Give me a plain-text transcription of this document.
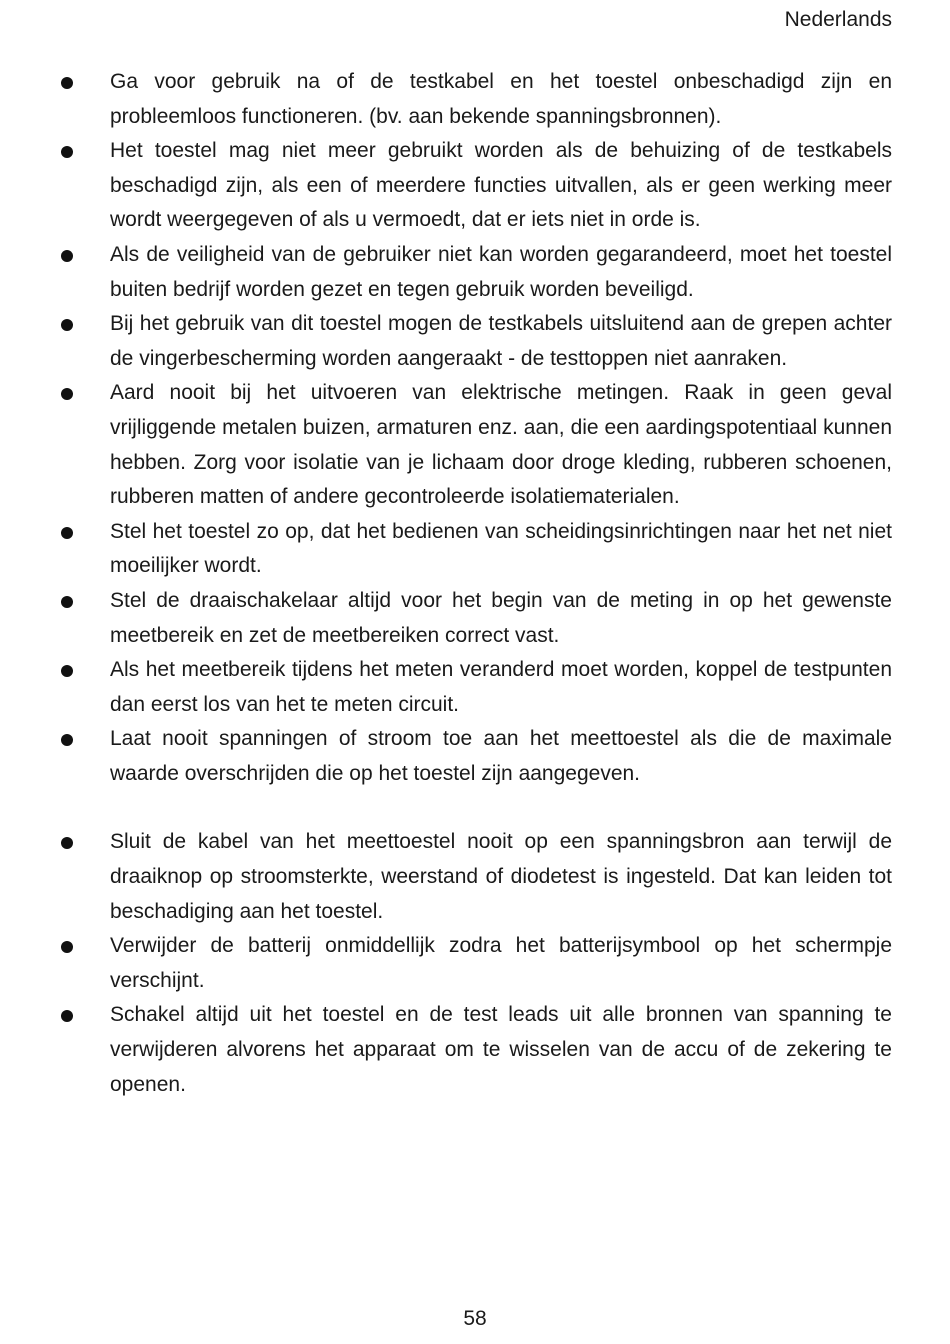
Nederlands
Ga voor gebruik na of de testkabel en het toestel onbeschadigd zijn en probleemloos functioneren. (bv. aan bekende spanningsbronnen).
Het toestel mag niet meer gebruikt worden als de behuizing of de testkabels beschadigd zijn, als een of meerdere functies uitvallen, als er geen werking meer wordt weergegeven of als u vermoedt, dat er iets niet in orde is.
Als de veiligheid van de gebruiker niet kan worden gegarandeerd, moet het toestel buiten bedrijf worden gezet en tegen gebruik worden beveiligd.
Bij het gebruik van dit toestel mogen de testkabels uitsluitend aan de grepen achter de vingerbescherming worden aangeraakt - de testtoppen niet aanraken.
Aard nooit bij het uitvoeren van elektrische metingen. Raak in geen geval vrijliggende metalen buizen, armaturen enz. aan, die een aardingspotentiaal kunnen hebben. Zorg voor isolatie van je lichaam door droge kleding, rubberen schoenen, rubberen matten of andere gecontroleerde isolatiematerialen.
Stel het toestel zo op, dat het bedienen van scheidingsinrichtingen naar het net niet moeilijker wordt.
Stel de draaischakelaar altijd voor het begin van de meting in op het gewenste meetbereik en zet de meetbereiken correct vast.
Als het meetbereik tijdens het meten veranderd moet worden, koppel de testpunten dan eerst los van het te meten circuit.
Laat nooit spanningen of stroom toe aan het meettoestel als die de maximale waarde overschrijden die op het toestel zijn aangegeven.
Sluit de kabel van het meettoestel nooit op een spanningsbron aan terwijl de draaiknop op stroomsterkte, weerstand of diodetest is ingesteld. Dat kan leiden tot beschadiging aan het toestel.
Verwijder de batterij onmiddellijk zodra het batterijsymbool op het schermpje verschijnt.
Schakel altijd uit het toestel en de test leads uit alle bronnen van spanning te verwijderen alvorens het apparaat om te wisselen van de accu of de zekering te openen.
58
